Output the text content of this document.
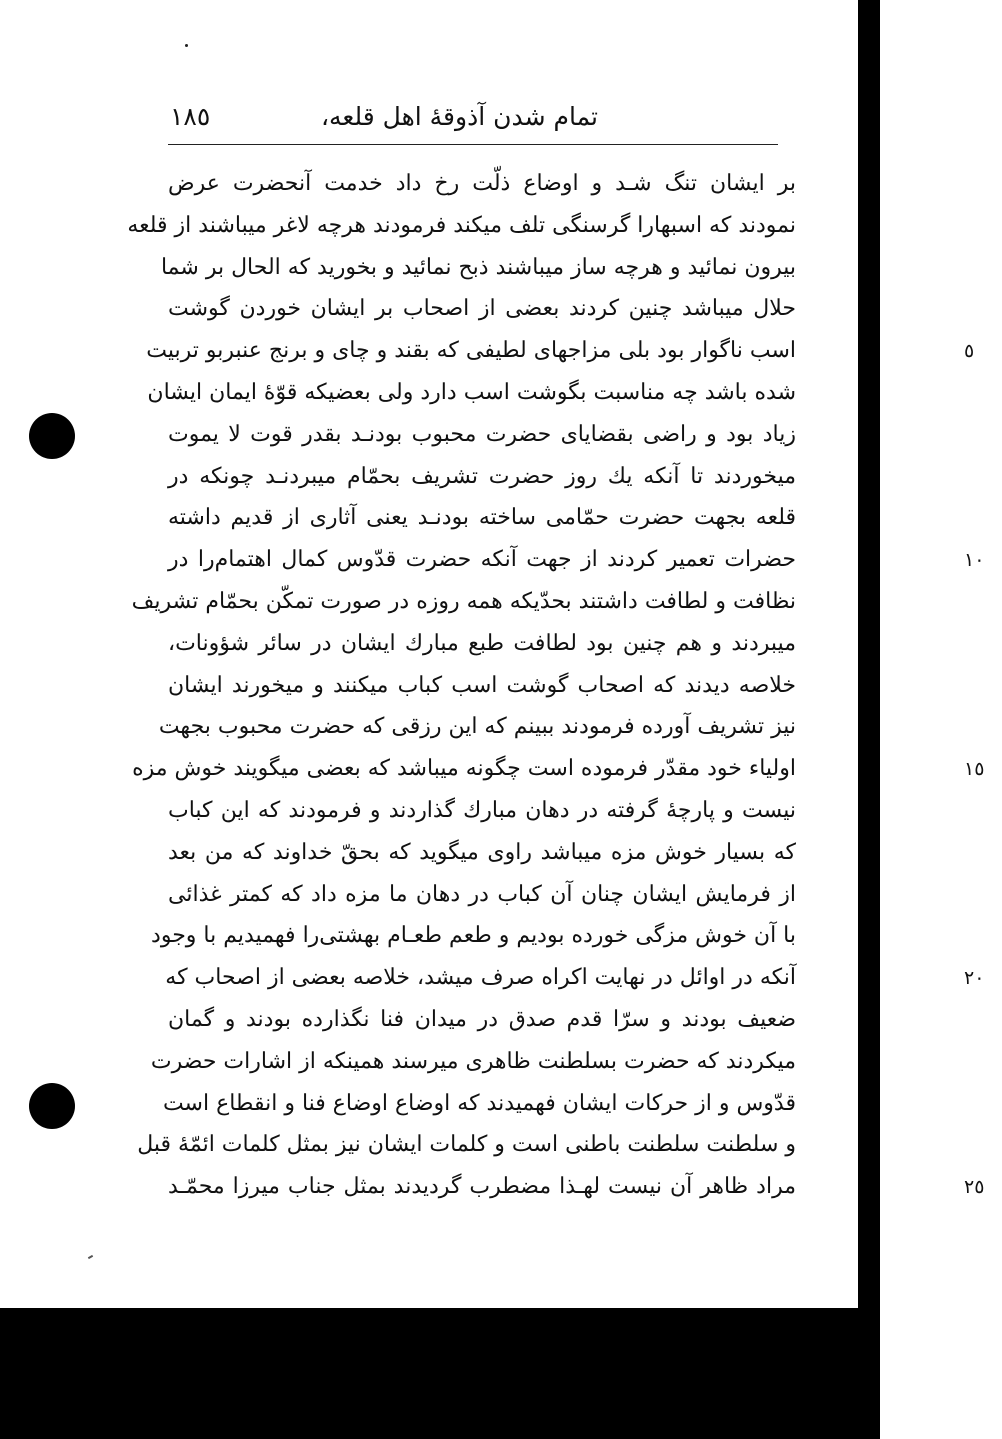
تمام شدن آذوقهٔ اهل قلعه،
١٨٥
بر ایشان تنگ شـد و اوضاع ذلّت رخ داد خدمت آنحضرت عرض
نمودند که اسبهارا گرسنگی تلف میکند فرمودند هرچه لاغر میباشند از قلعه
بیرون نمائید و هرچه ساز میباشند ذبح نمائید و بخورید که الحال بر شما
حلال میباشد چنین کردند بعضی از اصحاب بر ایشان خوردن گوشت
اسب ناگوار بود بلی مزاجهای لطیفی که بقند و چای و برنج عنبربو تربیت	٥
شده باشد چه مناسبت بگوشت اسب دارد ولی بعضیکه قوّهٔ ایمان ایشان
زیاد بود و راضی بقضایای حضرت محبوب بودنـد بقدر قوت لا یموت
میخوردند تا آنکه یك روز حضرت تشریف بحمّام میبردنـد چونکه در
قلعه بجهت حضرت حمّامی ساخته بودنـد یعنی آثاری از قدیم داشته
حضرات تعمیر کردند از جهت آنکه حضرت قدّوس کمال اهتمام‌را در	١٠
نظافت و لطافت داشتند بحدّیکه همه روزه در صورت تمکّن بحمّام تشریف
میبردند و هم چنین بود لطافت طبع مبارك ایشان در سائر شؤونات،
خلاصه دیدند که اصحاب گوشت اسب کباب میکنند و میخورند ایشان
نیز تشریف آورده فرمودند ببینم که این رزقی که حضرت محبوب بجهت
اولیاء خود مقدّر فرموده است چگونه میباشد که بعضی میگویند خوش مزه	١٥
نیست و پارچهٔ گرفته در دهان مبارك گذاردند و فرمودند که این کباب
که بسیار خوش مزه میباشد راوی میگوید که بحقّ خداوند که من بعد
از فرمایش ایشان چنان آن کباب در دهان ما مزه داد که کمتر غذائی
با آن خوش مزگی خورده بودیم و طعم طعـام بهشتی‌را فهمیدیم با وجود
آنکه در اوائل در نهایت اکراه صرف میشد، خلاصه بعضی از اصحاب که	٢٠
ضعیف بودند و سرّا قدم صدق در میدان فنا نگذارده بودند و گمان
میکردند که حضرت بسلطنت ظاهری میرسند همینکه از اشارات حضرت
قدّوس و از حرکات ایشان فهمیدند که اوضاع اوضاع فنا و انقطاع است
و سلطنت سلطنت باطنی است و کلمات ایشان نیز بمثل کلمات ائمّهٔ قبل
مراد ظاهر آن نیست لهـذا مضطرب گردیدند بمثل جناب میرزا محمّـد	٢٥
